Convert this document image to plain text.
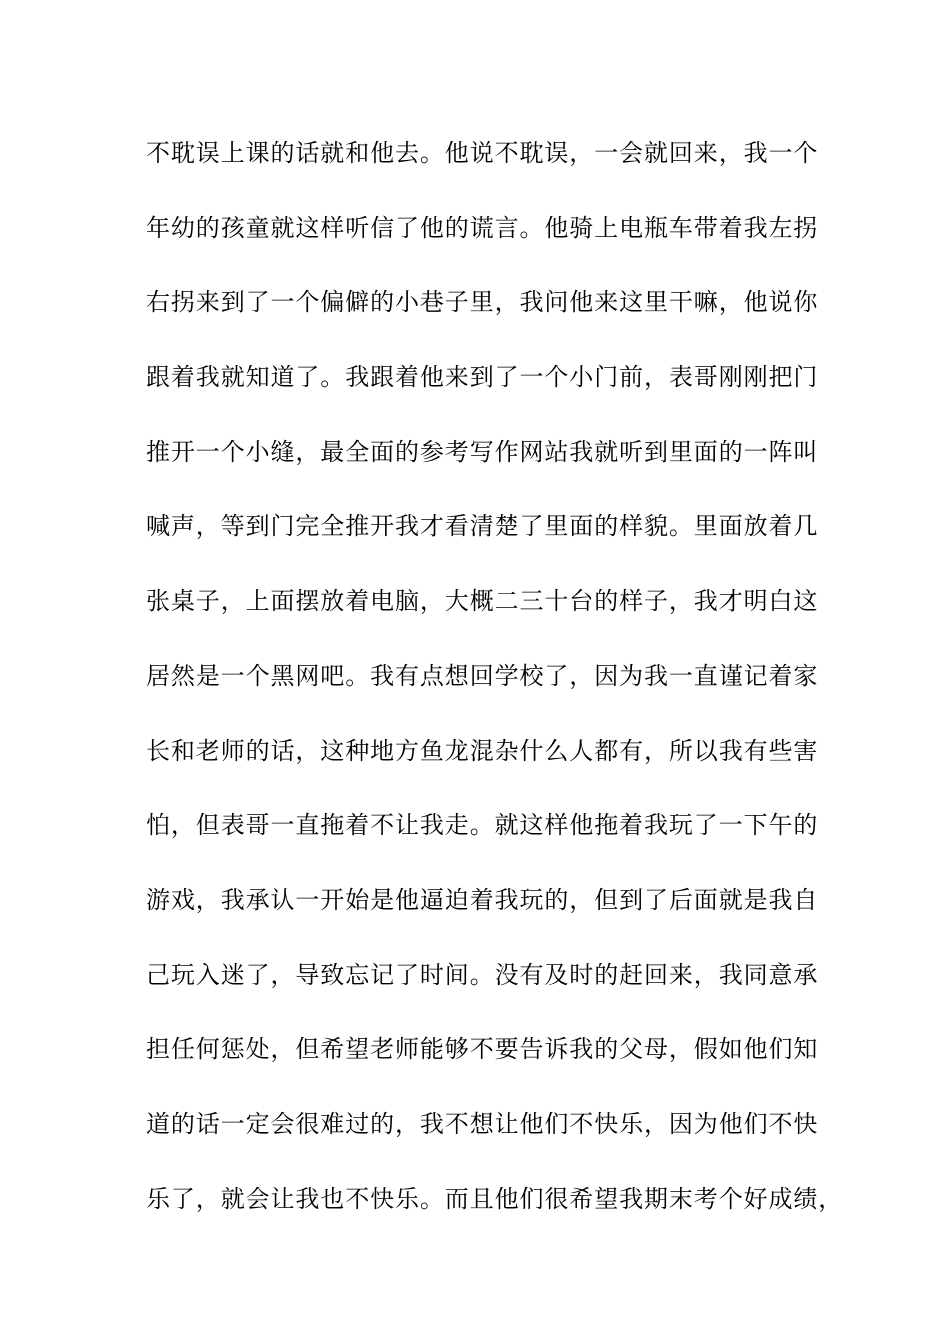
不耽误上课的话就和他去。他说不耽误，一会就回来，我一个
年幼的孩童就这样听信了他的谎言。他骑上电瓶车带着我左拐
右拐来到了一个偏僻的小巷子里，我问他来这里干嘛，他说你
跟着我就知道了。我跟着他来到了一个小门前，表哥刚刚把门
推开一个小缝，最全面的参考写作网站我就听到里面的一阵叫
喊声，等到门完全推开我才看清楚了里面的样貌。里面放着几
张桌子，上面摆放着电脑，大概二三十台的样子，我才明白这
居然是一个黑网吧。我有点想回学校了，因为我一直谨记着家
长和老师的话，这种地方鱼龙混杂什么人都有，所以我有些害
怕，但表哥一直拖着不让我走。就这样他拖着我玩了一下午的
游戏，我承认一开始是他逼迫着我玩的，但到了后面就是我自
己玩入迷了，导致忘记了时间。没有及时的赶回来，我同意承
担任何惩处，但希望老师能够不要告诉我的父母，假如他们知
道的话一定会很难过的，我不想让他们不快乐，因为他们不快
乐了，就会让我也不快乐。而且他们很希望我期末考个好成绩，
